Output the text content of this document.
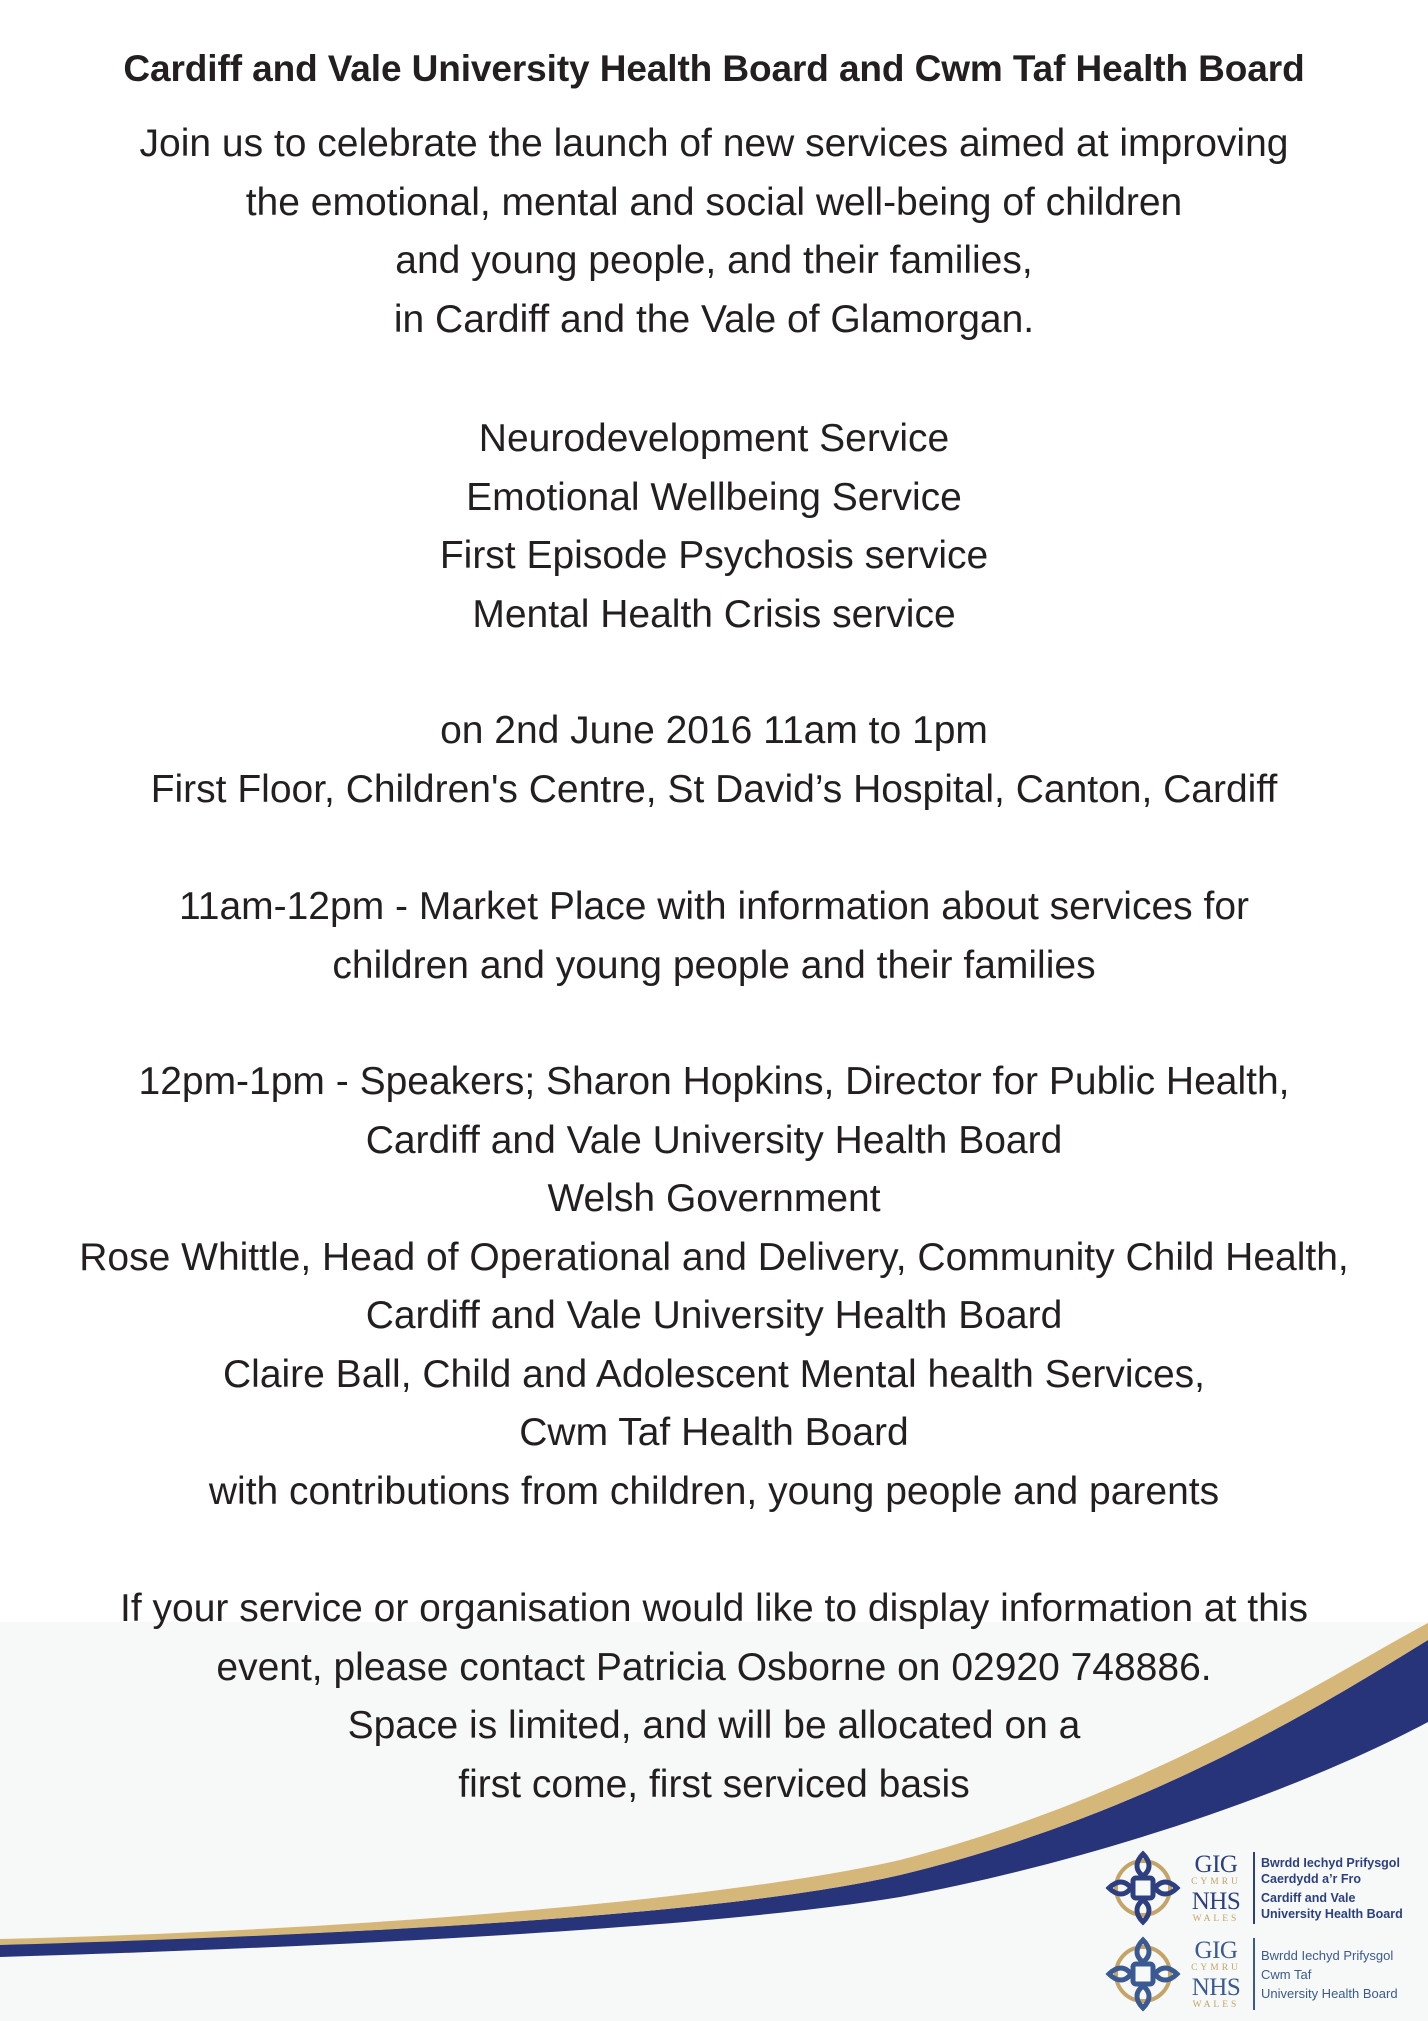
Cardiff and Vale University Health Board and Cwm Taf Health Board
Join us to celebrate the launch of new services aimed at improving
the emotional, mental and social well-being of children
and young people, and their families,
in Cardiff and the Vale of Glamorgan.
Neurodevelopment Service
Emotional Wellbeing Service
First Episode Psychosis service
Mental Health Crisis service
on 2nd June 2016 11am to 1pm
First Floor, Children's Centre, St David’s Hospital, Canton, Cardiff
11am-12pm - Market Place with information about services for
children and young people and their families
12pm-1pm - Speakers; Sharon Hopkins, Director for Public Health,
Cardiff and Vale University Health Board
Welsh Government
Rose Whittle, Head of Operational and Delivery, Community Child Health,
Cardiff and Vale University Health Board
Claire Ball, Child and Adolescent Mental health Services,
Cwm Taf Health Board
with contributions from children, young people and parents
If your service or organisation would like to display information at this
event, please contact Patricia Osborne on 02920 748886.
Space is limited, and will be allocated on a
first come, first serviced basis
GIG
CYMRU
NHS
WALES
Bwrdd Iechyd Prifysgol
Caerdydd a’r Fro
Cardiff and Vale
University Health Board
GIG
CYMRU
NHS
WALES
Bwrdd Iechyd Prifysgol
Cwm Taf
University Health Board
